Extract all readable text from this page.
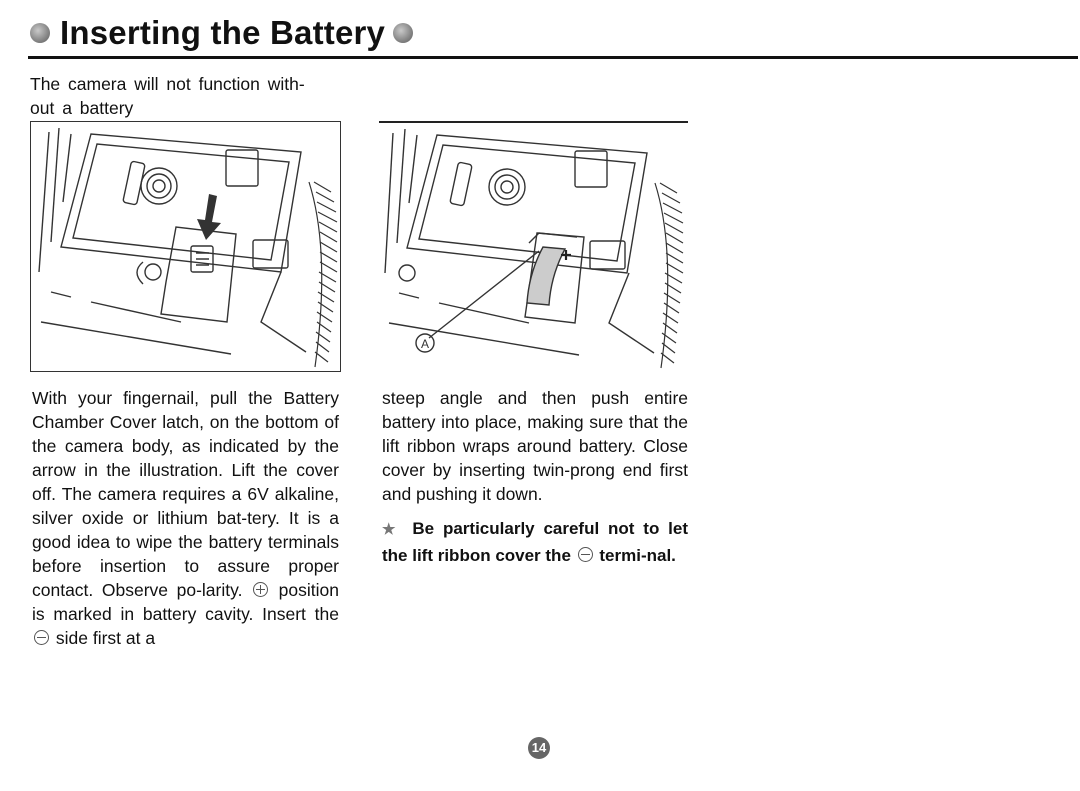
Inserting the Battery
The camera will not function with-
out a battery
A

With your fingernail, pull the Battery Chamber Cover latch, on the bottom of the camera body, as indicated by the arrow in the illustration. Lift the cover off. The camera requires a 6V alkaline, silver oxide or lithium bat-tery. It is a good idea to wipe the battery terminals before insertion to assure proper contact. Observe po-larity. position is marked in battery cavity. Insert the  side first at a

steep angle and then push entire battery into place, making sure that the lift ribbon wraps around battery. Close cover by inserting twin-prong end first and pushing it down.

★ Be particularly careful not to let the lift ribbon cover the termi-nal.
14
